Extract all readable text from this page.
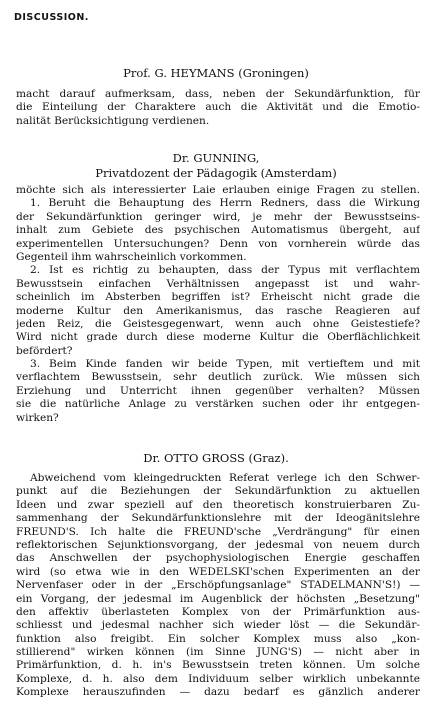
DISCUSSION.
Prof. G. HEYMANS (Groningen)
macht darauf aufmerksam, dass, neben der Sekundärfunktion, für
die Einteilung der Charaktere auch die Aktivität und die Emotio-
nalität Berücksichtigung verdienen.
Dr. GUNNING,
Privatdozent der Pädagogik (Amsterdam)
möchte sich als interessierter Laie erlauben einige Fragen zu stellen.
1. Beruht die Behauptung des Herrn Redners, dass die Wirkung
der Sekundärfunktion geringer wird, je mehr der Bewusstseins-
inhalt zum Gebiete des psychischen Automatismus übergeht, auf
experimentellen Untersuchungen? Denn von vornherein würde das
Gegenteil ihm wahrscheinlich vorkommen.
2. Ist es richtig zu behaupten, dass der Typus mit verflachtem
Bewusstsein einfachen Verhältnissen angepasst ist und wahr-
scheinlich im Absterben begriffen ist? Erheischt nicht grade die
moderne Kultur den Amerikanismus, das rasche Reagieren auf
jeden Reiz, die Geistesgegenwart, wenn auch ohne Geistestiefe?
Wird nicht grade durch diese moderne Kultur die Oberflächlichkeit
befördert?
3. Beim Kinde fanden wir beide Typen, mit vertieftem und mit
verflachtem Bewusstsein, sehr deutlich zurück. Wie müssen sich
Erziehung und Unterricht ihnen gegenüber verhalten? Müssen
sie die natürliche Anlage zu verstärken suchen oder ihr entgegen-
wirken?
Dr. OTTO GROSS (Graz).
Abweichend vom kleingedruckten Referat verlege ich den Schwer-
punkt auf die Beziehungen der Sekundärfunktion zu aktuellen
Ideen und zwar speziell auf den theoretisch konstruierbaren Zu-
sammenhang der Sekundärfunktionslehre mit der Ideogänitslehre
FREUND'S. Ich halte die FREUND'sche „Verdrängung" für einen
reflektorischen Sejunktionsvorgang, der jedesmal von neuem durch
das Anschwellen der psychophysiologischen Energie geschaffen
wird (so etwa wie in den WEDELSKI'schen Experimenten an der
Nervenfaser oder in der „Erschöpfungsanlage" STADELMANN'S!) —
ein Vorgang, der jedesmal im Augenblick der höchsten „Besetzung"
den affektiv überlasteten Komplex von der Primärfunktion aus-
schliesst und jedesmal nachher sich wieder löst — die Sekundär-
funktion also freigibt. Ein solcher Komplex muss also „kon-
stillierend" wirken können (im Sinne JUNG'S) — nicht aber in
Primärfunktion, d. h. in's Bewusstsein treten können. Um solche
Komplexe, d. h. also dem Individuum selber wirklich unbekannte
Komplexe herauszufinden — dazu bedarf es gänzlich anderer
